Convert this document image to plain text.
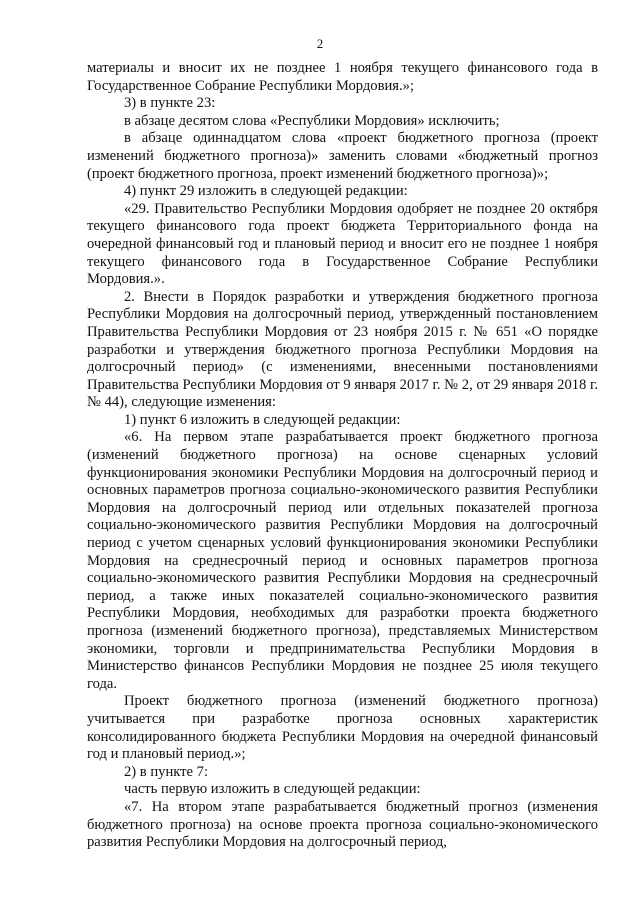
2

материалы и вносит их не позднее 1 ноября текущего финансового года в Государственное Собрание Республики Мордовия.»;

3) в пункте 23:

в абзаце десятом слова «Республики Мордовия» исключить;

в абзаце одиннадцатом слова «проект бюджетного прогноза (проект изменений бюджетного прогноза)» заменить словами «бюджетный прогноз (проект бюджетного прогноза, проект изменений бюджетного прогноза)»;

4) пункт 29 изложить в следующей редакции:

«29. Правительство Республики Мордовия одобряет не позднее 20 октября текущего финансового года проект бюджета Территориального фонда на очередной финансовый год и плановый период и вносит его не позднее 1 ноября текущего финансового года в Государственное Собрание Республики Мордовия.».

2. Внести в Порядок разработки и утверждения бюджетного прогноза Республики Мордовия на долгосрочный период, утвержденный постановлением Правительства Республики Мордовия от 23 ноября 2015 г. № 651 «О порядке разработки и утверждения бюджетного прогноза Республики Мордовия на долгосрочный период» (с изменениями, внесенными постановлениями Правительства Республики Мордовия от 9 января 2017 г. № 2, от 29 января 2018 г. № 44), следующие изменения:

1) пункт 6 изложить в следующей редакции:

«6. На первом этапе разрабатывается проект бюджетного прогноза (изменений бюджетного прогноза) на основе сценарных условий функционирования экономики Республики Мордовия на долгосрочный период и основных параметров прогноза социально-экономического развития Республики Мордовия на долгосрочный период или отдельных показателей прогноза социально-экономического развития Республики Мордовия на долгосрочный период с учетом сценарных условий функционирования экономики Республики Мордовия на среднесрочный период и основных параметров прогноза социально-экономического развития Республики Мордовия на среднесрочный период, а также иных показателей социально-экономического развития Республики Мордовия, необходимых для разработки проекта бюджетного прогноза (изменений бюджетного прогноза), представляемых Министерством экономики, торговли и предпринимательства Республики Мордовия в Министерство финансов Республики Мордовия не позднее 25 июля текущего года.

Проект бюджетного прогноза (изменений бюджетного прогноза) учитывается при разработке прогноза основных характеристик консолидированного бюджета Республики Мордовия на очередной финансовый год и плановый период.»;

2) в пункте 7:

часть первую изложить в следующей редакции:

«7. На втором этапе разрабатывается бюджетный прогноз (изменения бюджетного прогноза) на основе проекта прогноза социально-экономического развития Республики Мордовия на долгосрочный период,
